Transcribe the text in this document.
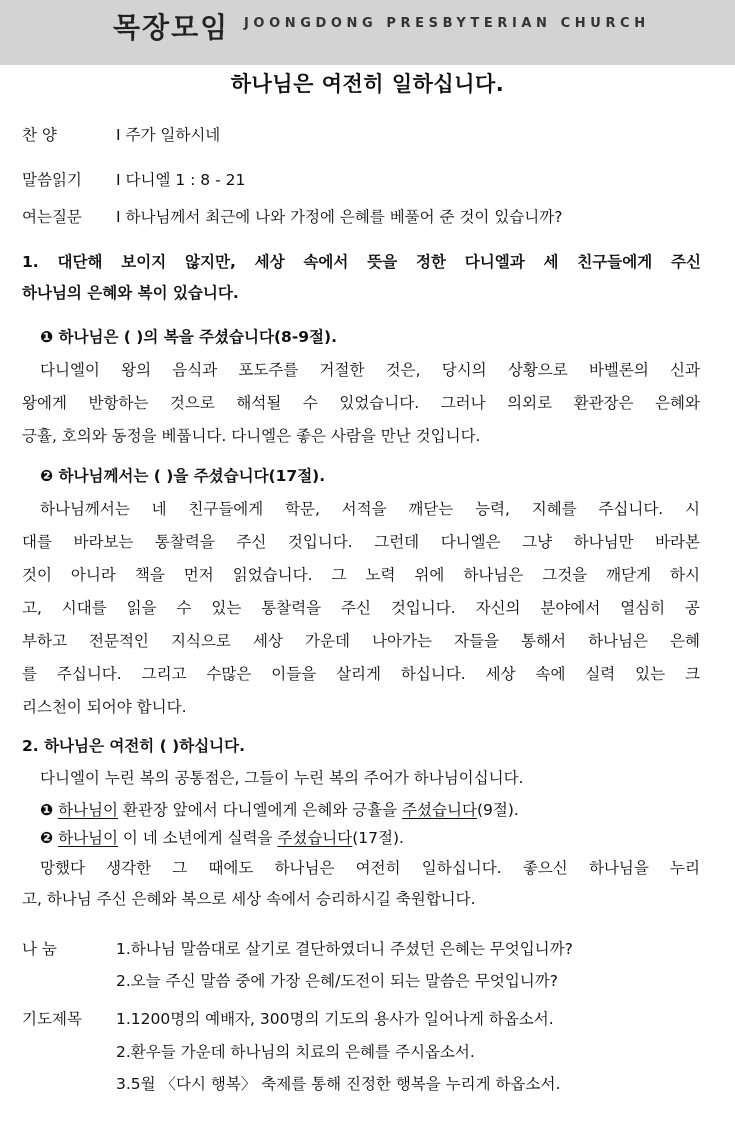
목장모임 JOONGDONG PRESBYTERIAN CHURCH
하나님은 여전히 일하십니다.
찬 양	I 주가 일하시네
말씀읽기 I 다니엘 1 : 8 - 21
여는질문 I 하나님께서 최근에 나와 가정에 은혜를 베풀어 준 것이 있습니까?
1. 대단해 보이지 않지만, 세상 속에서 뜻을 정한 다니엘과 세 친구들에게 주신
하나님의 은혜와 복이 있습니다.
❶ 하나님은 ( )의 복을 주셨습니다(8-9절).
다니엘이 왕의 음식과 포도주를 거절한 것은, 당시의 상황으로 바벨론의 신과
왕에게 반항하는 것으로 해석될 수 있었습니다. 그러나 의외로 환관장은 은혜와
긍휼, 호의와 동정을 베풉니다. 다니엘은 좋은 사람을 만난 것입니다.
❷ 하나님께서는 ( )을 주셨습니다(17절).
하나님께서는 네 친구들에게 학문, 서적을 깨닫는 능력, 지혜를 주십니다. 시
대를 바라보는 통찰력을 주신 것입니다. 그런데 다니엘은 그냥 하나님만 바라본
것이 아니라 책을 먼저 읽었습니다. 그 노력 위에 하나님은 그것을 깨닫게 하시
고, 시대를 읽을 수 있는 통찰력을 주신 것입니다. 자신의 분야에서 열심히 공
부하고 전문적인 지식으로 세상 가운데 나아가는 자들을 통해서 하나님은 은혜
를 주십니다. 그리고 수많은 이들을 살리게 하십니다. 세상 속에 실력 있는 크
리스천이 되어야 합니다.
2. 하나님은 여전히 ( )하십니다.
다니엘이 누린 복의 공통점은, 그들이 누린 복의 주어가 하나님이십니다.
❶ 하나님이 환관장 앞에서 다니엘에게 은혜와 긍휼을 주셨습니다(9절).
❷ 하나님이 이 네 소년에게 실력을 주셨습니다(17절).
망했다 생각한 그 때에도 하나님은 여전히 일하십니다. 좋으신 하나님을 누리
고, 하나님 주신 은혜와 복으로 세상 속에서 승리하시길 축원합니다.
나 눔	1.하나님 말씀대로 살기로 결단하였더니 주셨던 은혜는 무엇입니까?
2.오늘 주신 말씀 중에 가장 은혜/도전이 되는 말씀은 무엇입니까?
기도제목 1.1200명의 예배자, 300명의 기도의 용사가 일어나게 하옵소서.
2.환우들 가운데 하나님의 치료의 은혜를 주시옵소서.
3.5월 〈다시 행복〉 축제를 통해 진정한 행복을 누리게 하옵소서.
